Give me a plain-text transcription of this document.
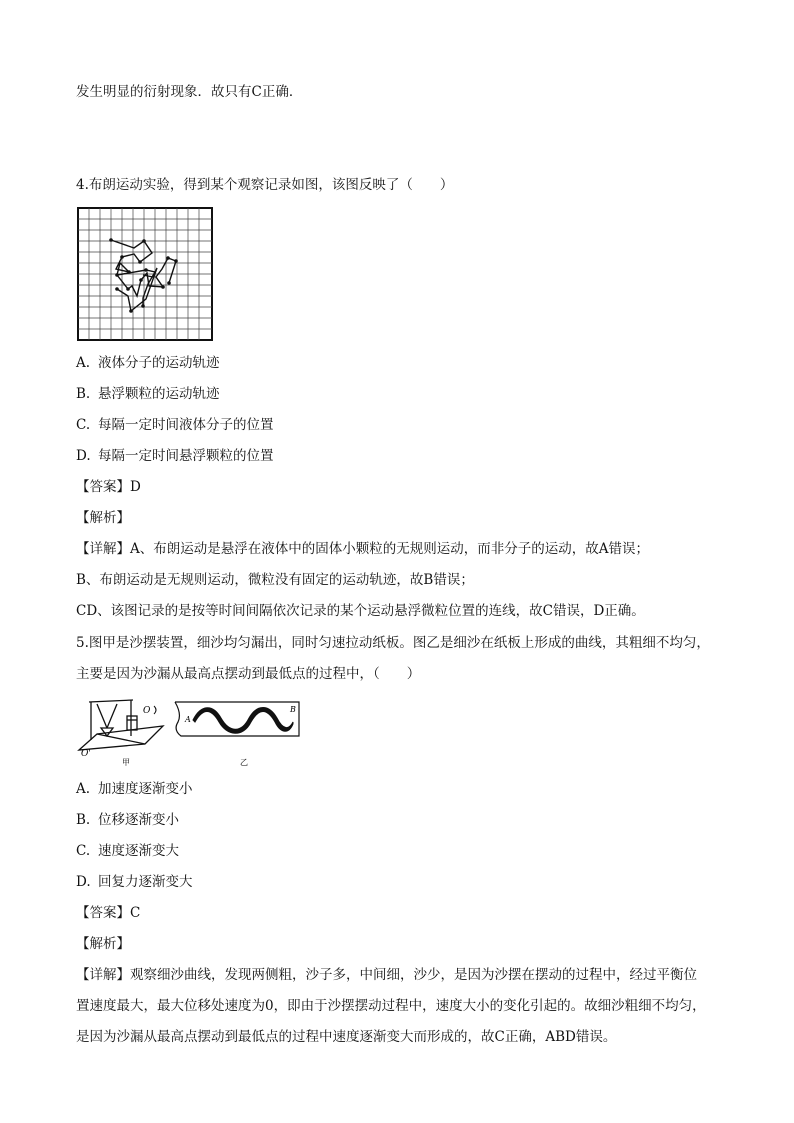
发生明显的衍射现象．故只有C正确．
4.布朗运动实验，得到某个观察记录如图，该图反映了（　　）
A. 液体分子的运动轨迹
B. 悬浮颗粒的运动轨迹
C. 每隔一定时间液体分子的位置
D. 每隔一定时间悬浮颗粒的位置
【答案】D
【解析】
【详解】A、布朗运动是悬浮在液体中的固体小颗粒的无规则运动，而非分子的运动，故A错误；
B、布朗运动是无规则运动，微粒没有固定的运动轨迹，故B错误；
CD、该图记录的是按等时间间隔依次记录的某个运动悬浮微粒位置的连线，故C错误，D正确。
5.图甲是沙摆装置，细沙均匀漏出，同时匀速拉动纸板。图乙是细沙在纸板上形成的曲线，其粗细不均匀，
主要是因为沙漏从最高点摆动到最低点的过程中，（　　）
O
O'
甲
A
B
乙
A. 加速度逐渐变小
B. 位移逐渐变小
C. 速度逐渐变大
D. 回复力逐渐变大
【答案】C
【解析】
【详解】观察细沙曲线，发现两侧粗，沙子多，中间细，沙少，是因为沙摆在摆动的过程中，经过平衡位
置速度最大，最大位移处速度为0，即由于沙摆摆动过程中，速度大小的变化引起的。故细沙粗细不均匀，
是因为沙漏从最高点摆动到最低点的过程中速度逐渐变大而形成的，故C正确，ABD错误。
